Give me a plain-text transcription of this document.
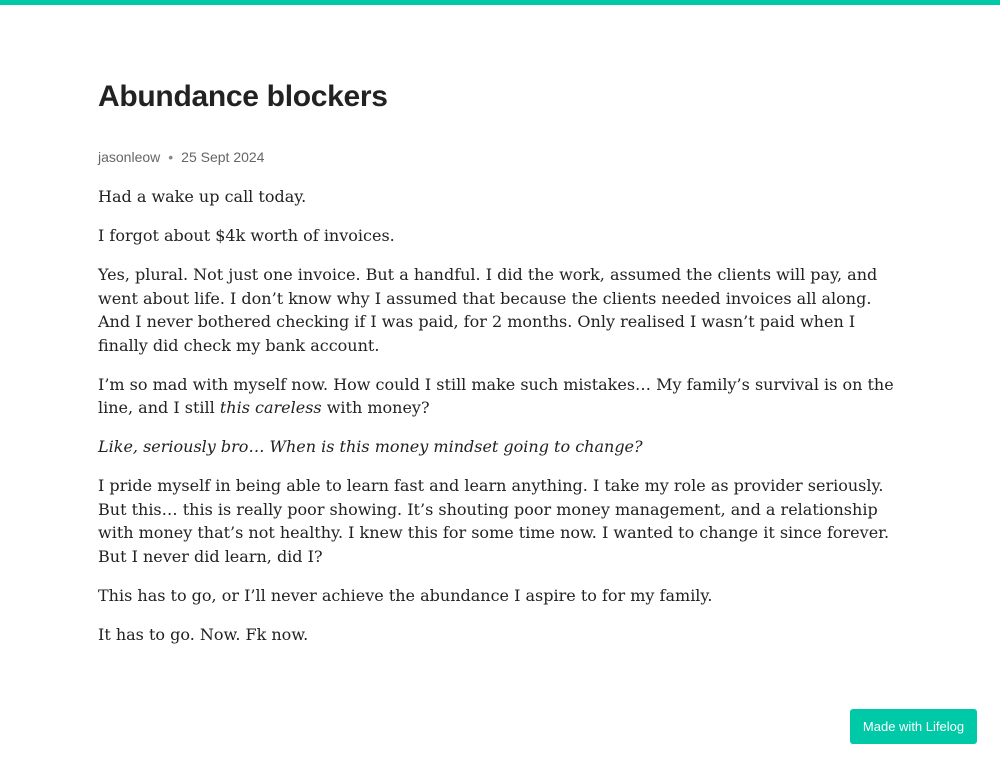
Abundance blockers
jasonleow • 25 Sept 2024

Had a wake up call today.

I forgot about $4k worth of invoices.

Yes, plural. Not just one invoice. But a handful. I did the work, assumed the clients will pay, and went about life. I don’t know why I assumed that because the clients needed invoices all along. And I never bothered checking if I was paid, for 2 months. Only realised I wasn’t paid when I finally did check my bank account.

I’m so mad with myself now. How could I still make such mistakes… My family’s survival is on the line, and I still this careless with money?

Like, seriously bro… When is this money mindset going to change?

I pride myself in being able to learn fast and learn anything. I take my role as provider seriously. But this… this is really poor showing. It’s shouting poor money management, and a relationship with money that’s not healthy. I knew this for some time now. I wanted to change it since forever. But I never did learn, did I?

This has to go, or I’ll never achieve the abundance I aspire to for my family.

It has to go. Now. Fk now.

Made with Lifelog
